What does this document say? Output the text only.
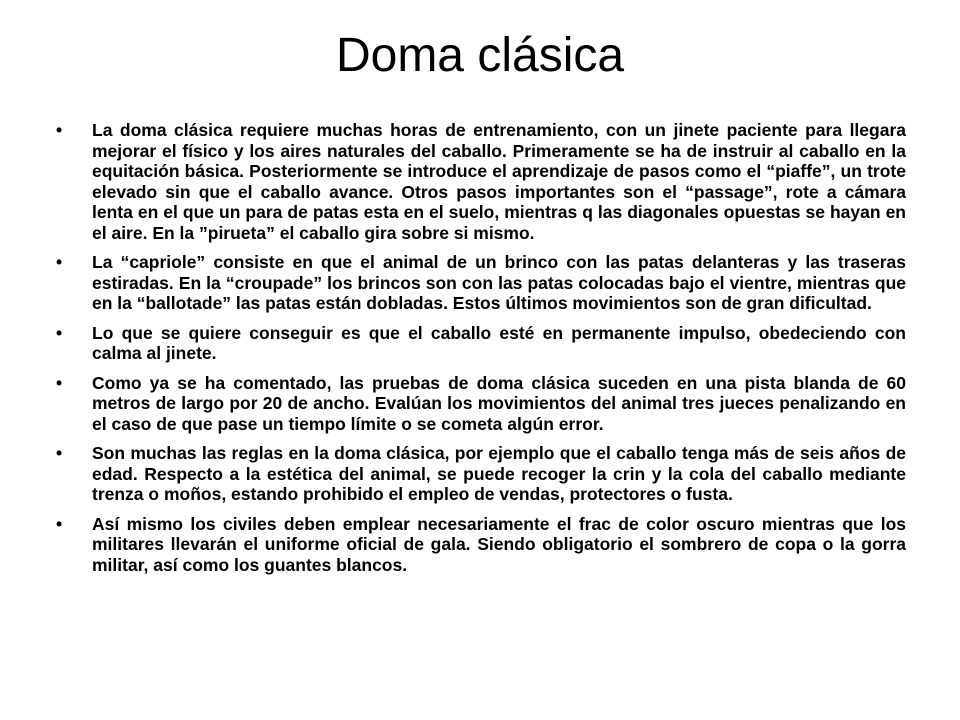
Doma clásica
• La doma clásica requiere muchas horas de entrenamiento, con un jinete paciente para llegara mejorar el físico y los aires naturales del caballo. Primeramente se ha de instruir al caballo en la equitación básica. Posteriormente se introduce el aprendizaje de pasos como el “piaffe”, un trote elevado sin que el caballo avance. Otros pasos importantes son el “passage”, rote a cámara lenta en el que un para de patas esta en el suelo, mientras q las diagonales opuestas se hayan en el aire. En la ”pirueta” el caballo gira sobre si mismo.
• La “capriole” consiste en que el animal de un brinco con las patas delanteras y las traseras estiradas. En la “croupade” los brincos son con las patas colocadas bajo el vientre, mientras que en la “ballotade” las patas están dobladas. Estos últimos movimientos son de gran dificultad.
• Lo que se quiere conseguir es que el caballo esté en permanente impulso, obedeciendo con calma al jinete.
• Como ya se ha comentado, las pruebas de doma clásica suceden en una pista blanda de 60 metros de largo por 20 de ancho. Evalúan los movimientos del animal tres jueces penalizando en el caso de que pase un tiempo límite o se cometa algún error.
• Son muchas las reglas en la doma clásica, por ejemplo que el caballo tenga más de seis años de edad. Respecto a la estética del animal, se puede recoger la crin y la cola del caballo mediante trenza o moños, estando prohibido el empleo de vendas, protectores o fusta.
• Así mismo los civiles deben emplear necesariamente el frac de color oscuro mientras que los militares llevarán el uniforme oficial de gala. Siendo obligatorio el sombrero de copa o la gorra militar, así como los guantes blancos.
